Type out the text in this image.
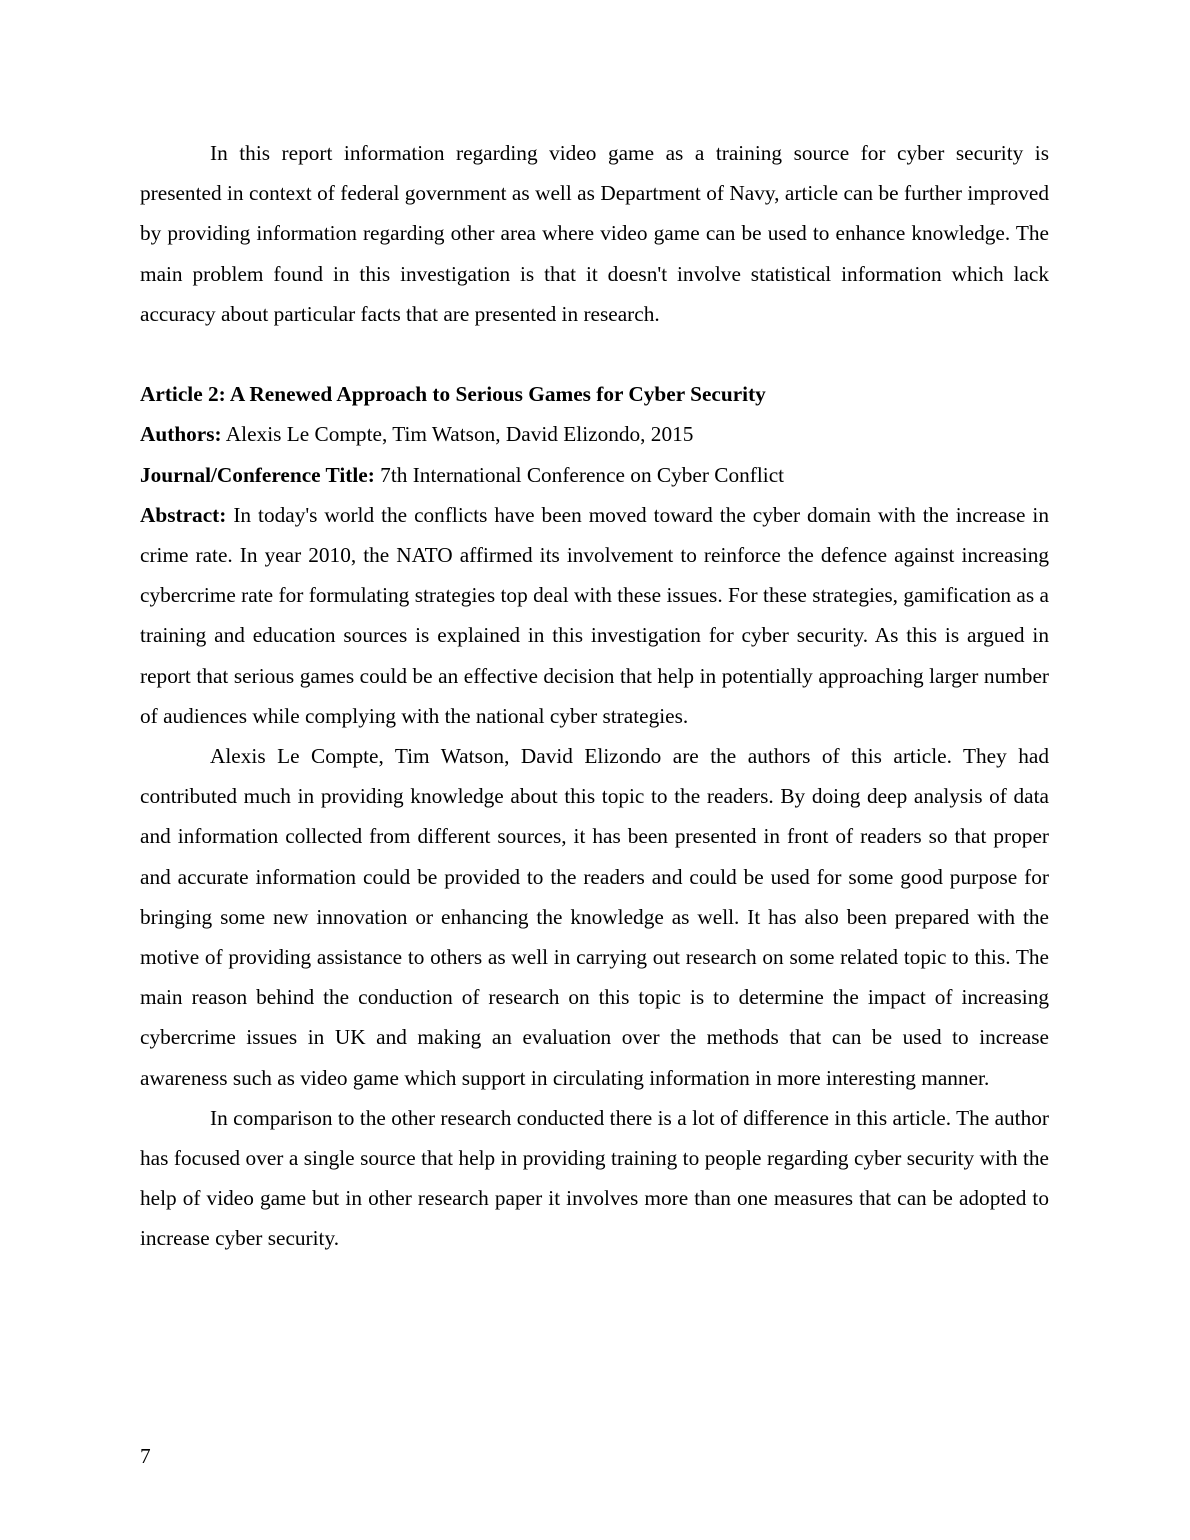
In this report information regarding video game as a training source for cyber security is presented in context of federal government as well as Department of Navy, article can be further improved by providing information regarding other area where video game can be used to enhance knowledge. The main problem found in this investigation is that it doesn't involve statistical information which lack accuracy about particular facts that are presented in research.

Article 2: A Renewed Approach to Serious Games for Cyber Security

Authors: Alexis Le Compte, Tim Watson, David Elizondo, 2015

Journal/Conference Title: 7th International Conference on Cyber Conflict

Abstract: In today's world the conflicts have been moved toward the cyber domain with the increase in crime rate. In year 2010, the NATO affirmed its involvement to reinforce the defence against increasing cybercrime rate for formulating strategies top deal with these issues. For these strategies, gamification as a training and education sources is explained in this investigation for cyber security. As this is argued in report that serious games could be an effective decision that help in potentially approaching larger number of audiences while complying with the national cyber strategies.

Alexis Le Compte, Tim Watson, David Elizondo are the authors of this article. They had contributed much in providing knowledge about this topic to the readers. By doing deep analysis of data and information collected from different sources, it has been presented in front of readers so that proper and accurate information could be provided to the readers and could be used for some good purpose for bringing some new innovation or enhancing the knowledge as well. It has also been prepared with the motive of providing assistance to others as well in carrying out research on some related topic to this. The main reason behind the conduction of research on this topic is to determine the impact of increasing cybercrime issues in UK and making an evaluation over the methods that can be used to increase awareness such as video game which support in circulating information in more interesting manner.

In comparison to the other research conducted there is a lot of difference in this article. The author has focused over a single source that help in providing training to people regarding cyber security with the help of video game but in other research paper it involves more than one measures that can be adopted to increase cyber security.

7
